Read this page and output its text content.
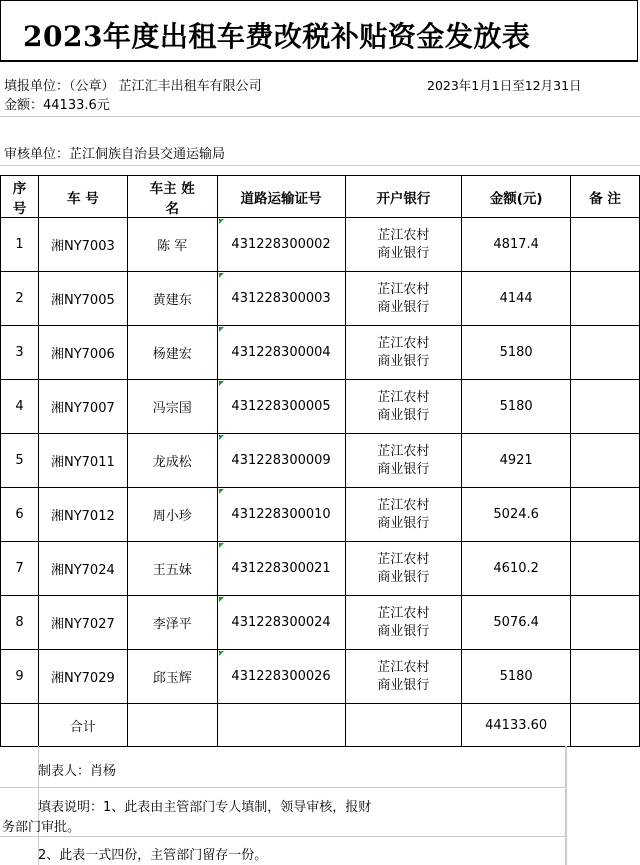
2023年度出租车费改税补贴资金发放表
填报单位：（公章） 芷江汇丰出租车有限公司	2023年1月1日至12月31日
金额：44133.6元
审核单位：芷江侗族自治县交通运输局
序
号	车 号	车主 姓
名	道路运输证号	开户银行	金额(元)	备 注
1	湘NY7003	陈 军	431228300002	芷江农村
商业银行	4817.4	
2	湘NY7005	黄建东	431228300003	芷江农村
商业银行	4144	
3	湘NY7006	杨建宏	431228300004	芷江农村
商业银行	5180	
4	湘NY7007	冯宗国	431228300005	芷江农村
商业银行	5180	
5	湘NY7011	龙成松	431228300009	芷江农村
商业银行	4921	
6	湘NY7012	周小珍	431228300010	芷江农村
商业银行	5024.6	
7	湘NY7024	王五妹	431228300021	芷江农村
商业银行	4610.2	
8	湘NY7027	李泽平	431228300024	芷江农村
商业银行	5076.4	
9	湘NY7029	邱玉辉	431228300026	芷江农村
商业银行	5180	
	合计				44133.60	
制表人：肖杨
填表说明：1、此表由主管部门专人填制，领导审核，报财
务部门审批。
2、此表一式四份，主管部门留存一份。
